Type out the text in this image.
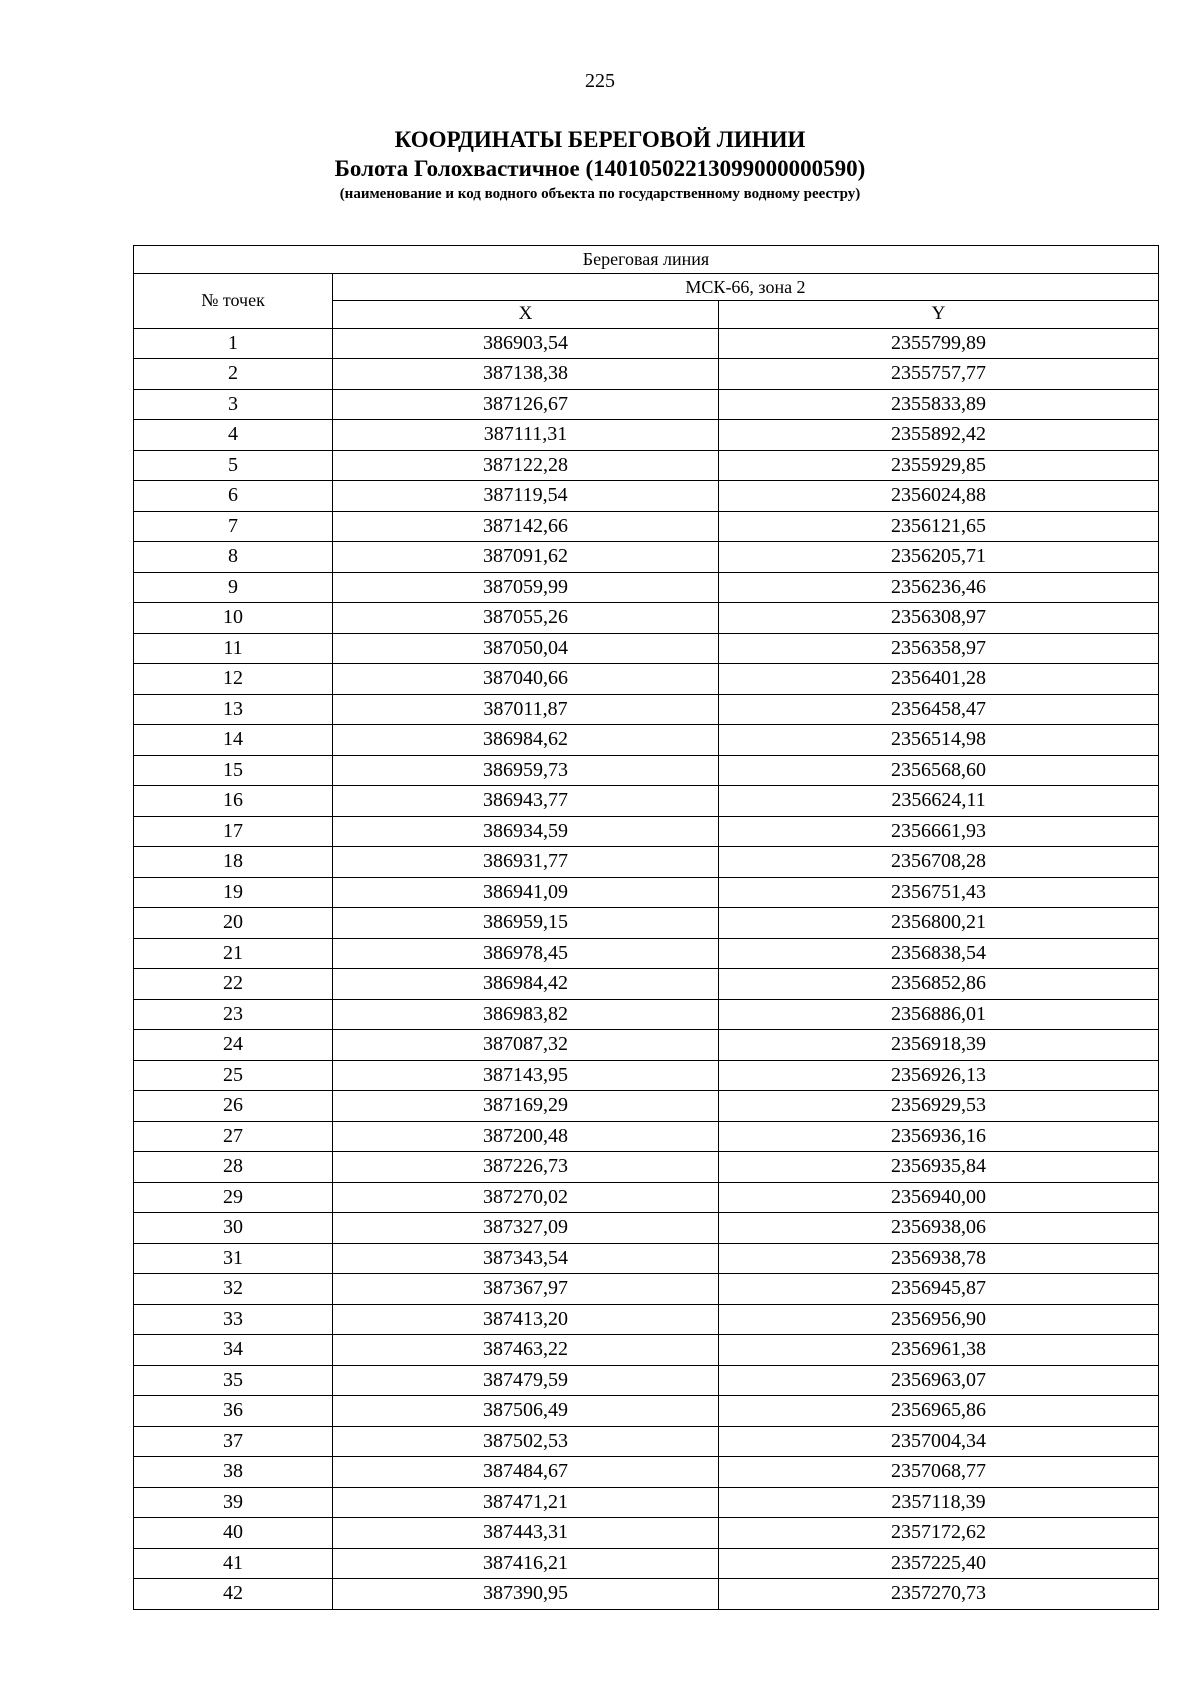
225
КООРДИНАТЫ БЕРЕГОВОЙ ЛИНИИ
Болота Голохвастичное (14010502213099000000590)
(наименование и код водного объекта по государственному водному реестру)
Береговая линия		
№ точек	МСК-66, зона 2	
	X	Y
1	386903,54	2355799,89
2	387138,38	2355757,77
3	387126,67	2355833,89
4	387111,31	2355892,42
5	387122,28	2355929,85
6	387119,54	2356024,88
7	387142,66	2356121,65
8	387091,62	2356205,71
9	387059,99	2356236,46
10	387055,26	2356308,97
11	387050,04	2356358,97
12	387040,66	2356401,28
13	387011,87	2356458,47
14	386984,62	2356514,98
15	386959,73	2356568,60
16	386943,77	2356624,11
17	386934,59	2356661,93
18	386931,77	2356708,28
19	386941,09	2356751,43
20	386959,15	2356800,21
21	386978,45	2356838,54
22	386984,42	2356852,86
23	386983,82	2356886,01
24	387087,32	2356918,39
25	387143,95	2356926,13
26	387169,29	2356929,53
27	387200,48	2356936,16
28	387226,73	2356935,84
29	387270,02	2356940,00
30	387327,09	2356938,06
31	387343,54	2356938,78
32	387367,97	2356945,87
33	387413,20	2356956,90
34	387463,22	2356961,38
35	387479,59	2356963,07
36	387506,49	2356965,86
37	387502,53	2357004,34
38	387484,67	2357068,77
39	387471,21	2357118,39
40	387443,31	2357172,62
41	387416,21	2357225,40
42	387390,95	2357270,73
